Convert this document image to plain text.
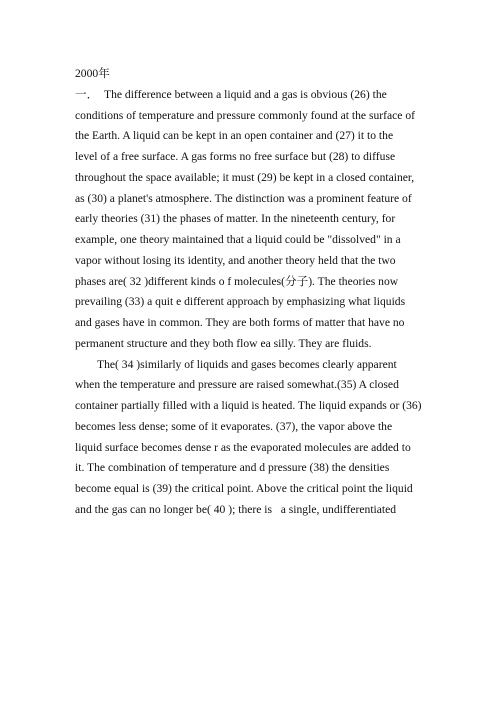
2000年
一．  The difference between a liquid and a gas is obvious (26) the
conditions of temperature and pressure commonly found at the surface of
the Earth. A liquid can be kept in an open container and (27) it to the
level of a free surface. A gas forms no free surface but (28) to diffuse
throughout the space available; it must (29) be kept in a closed container,
as (30) a planet's atmosphere. The distinction was a prominent feature of
early theories (31) the phases of matter. In the nineteenth century, for
example, one theory maintained that a liquid could be "dissolved" in a
vapor without losing its identity, and another theory held that the two
phases are( 32 )different kinds o f molecules(分子). The theories now
prevailing (33) a quit e different approach by emphasizing what liquids
and gases have in common. They are both forms of matter that have no
permanent structure and they both flow ea silly. They are fluids.
The( 34 )similarly of liquids and gases becomes clearly apparent
when the temperature and pressure are raised somewhat.(35) A closed
container partially filled with a liquid is heated. The liquid expands or (36)
becomes less dense; some of it evaporates. (37), the vapor above the
liquid surface becomes dense r as the evaporated molecules are added to
it. The combination of temperature and d pressure (38) the densities
become equal is (39) the critical point. Above the critical point the liquid
and the gas can no longer be( 40 ); there is   a single, undifferentiated
